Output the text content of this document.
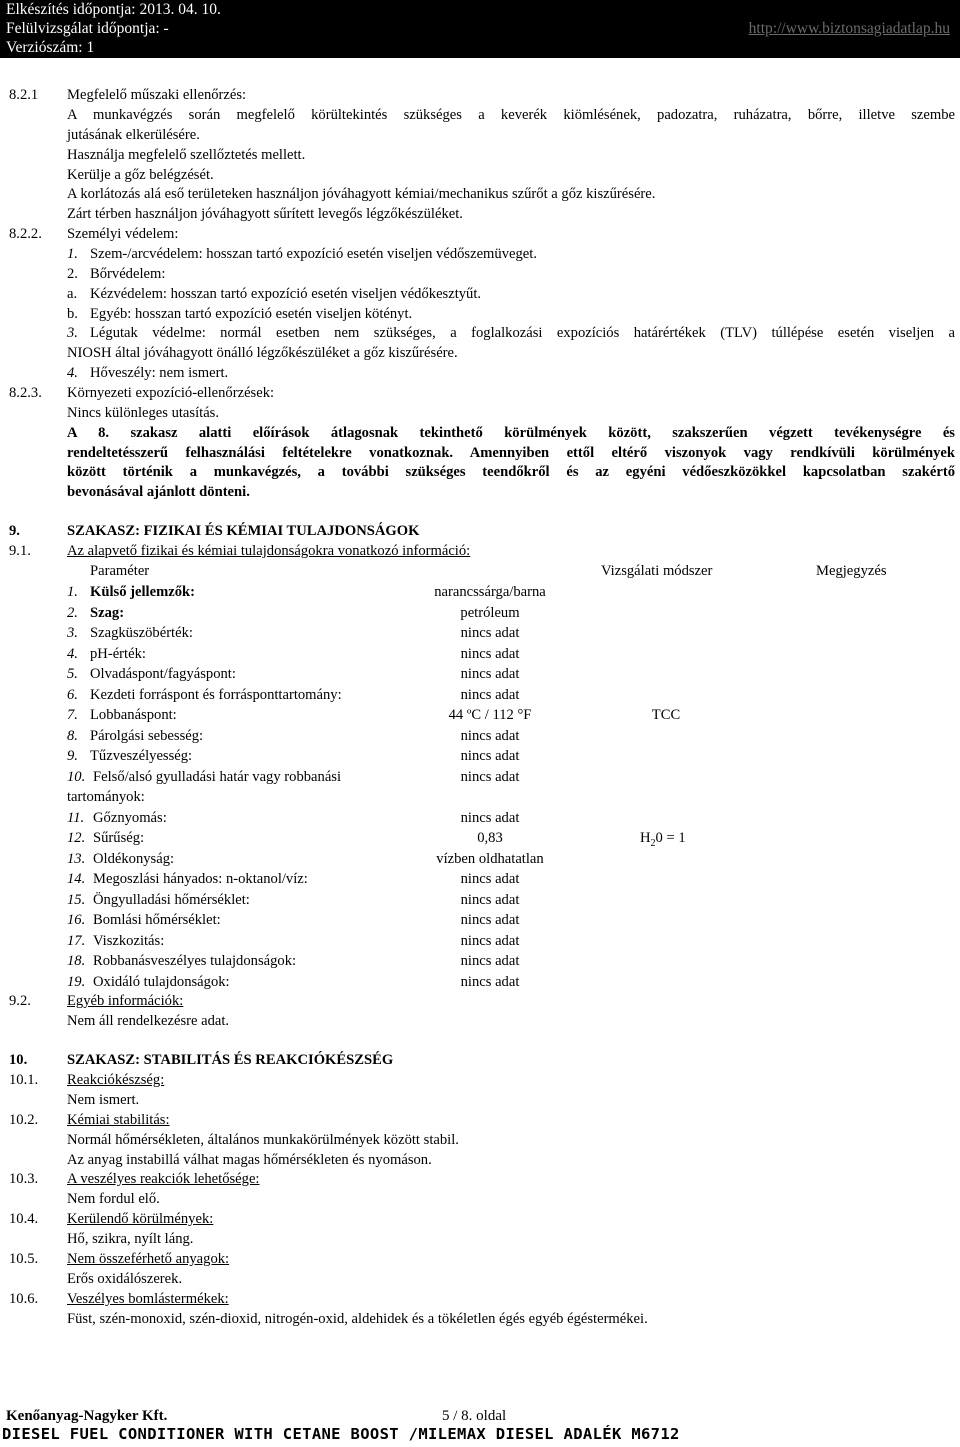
Elkészítés időpontja: 2013. 04. 10.
Felülvizsgálat időpontja: -
Verziószám: 1
http://www.biztonsagiadatlap.hu
8.2.1 Megfelelő műszaki ellenőrzés:
A munkavégzés során megfelelő körültekintés szükséges a keverék kiömlésének, padozatra, ruházatra, bőrre, illetve szembe
jutásának elkerülésére.
Használja megfelelő szellőztetés mellett.
Kerülje a gőz belégzését.
A korlátozás alá eső területeken használjon jóváhagyott kémiai/mechanikus szűrőt a gőz kiszűrésére.
Zárt térben használjon jóváhagyott sűrített levegős légzőkészüléket.
8.2.2. Személyi védelem:
1. Szem-/arcvédelem: hosszan tartó expozíció esetén viseljen védőszemüveget.
2. Bőrvédelem:
a. Kézvédelem: hosszan tartó expozíció esetén viseljen védőkesztyűt.
b. Egyéb: hosszan tartó expozíció esetén viseljen kötényt.
3. Légutak védelme: normál esetben nem szükséges, a foglalkozási expozíciós határértékek (TLV) túllépése esetén viseljen a
NIOSH által jóváhagyott önálló légzőkészüléket a gőz kiszűrésére.
4. Hőveszély: nem ismert.
8.2.3. Környezeti expozíció-ellenőrzések:
Nincs különleges utasítás.
A 8. szakasz alatti előírások átlagosnak tekinthető körülmények között, szakszerűen végzett tevékenységre és
rendeltetésszerű felhasználási feltételekre vonatkoznak. Amennyiben ettől eltérő viszonyok vagy rendkívüli körülmények
között történik a munkavégzés, a további szükséges teendőkről és az egyéni védőeszközökkel kapcsolatban szakértő
bevonásával ajánlott dönteni.
9.	SZAKASZ: FIZIKAI ÉS KÉMIAI TULAJDONSÁGOK
9.1. Az alapvető fizikai és kémiai tulajdonságokra vonatkozó információ:
Paraméter	Vizsgálati módszer	Megjegyzés
1. Külső jellemzők:	narancssárga/barna
2. Szag:	petróleum
3. Szagküszöbérték:	nincs adat
4. pH-érték:	nincs adat
5. Olvadáspont/fagyáspont:	nincs adat
6. Kezdeti forráspont és forrásponttartomány:	nincs adat
7. Lobbanáspont:	44 ºC / 112 °F	TCC
8. Párolgási sebesség:	nincs adat
9. Tűzveszélyesség:	nincs adat
10. Felső/alsó gyulladási határ vagy robbanási	nincs adat
tartományok:
11. Gőznyomás:	nincs adat
12. Sűrűség:	0,83	$H_20 = 1$
13. Oldékonyság:	vízben oldhatatlan
14. Megoszlási hányados: n-oktanol/víz:	nincs adat
15. Öngyulladási hőmérséklet:	nincs adat
16. Bomlási hőmérséklet:	nincs adat
17. Viszkozitás:	nincs adat
18. Robbanásveszélyes tulajdonságok:	nincs adat
19. Oxidáló tulajdonságok:	nincs adat
9.2. Egyéb információk:
Nem áll rendelkezésre adat.
10.	SZAKASZ: STABILITÁS ÉS REAKCIÓKÉSZSÉG
10.1. Reakciókészség:
Nem ismert.
10.2. Kémiai stabilitás:
Normál hőmérsékleten, általános munkakörülmények között stabil.
Az anyag instabillá válhat magas hőmérsékleten és nyomáson.
10.3. A veszélyes reakciók lehetősége:
Nem fordul elő.
10.4. Kerülendő körülmények:
Hő, szikra, nyílt láng.
10.5. Nem összeférhető anyagok:
Erős oxidálószerek.
10.6. Veszélyes bomlástermékek:
Füst, szén-monoxid, szén-dioxid, nitrogén-oxid, aldehidek és a tökéletlen égés egyéb égéstermékei.
Kenőanyag-Nagyker Kft.	5 / 8. oldal
DIESEL FUEL CONDITIONER WITH CETANE BOOST /MILEMAX DIESEL ADALÉK M6712
